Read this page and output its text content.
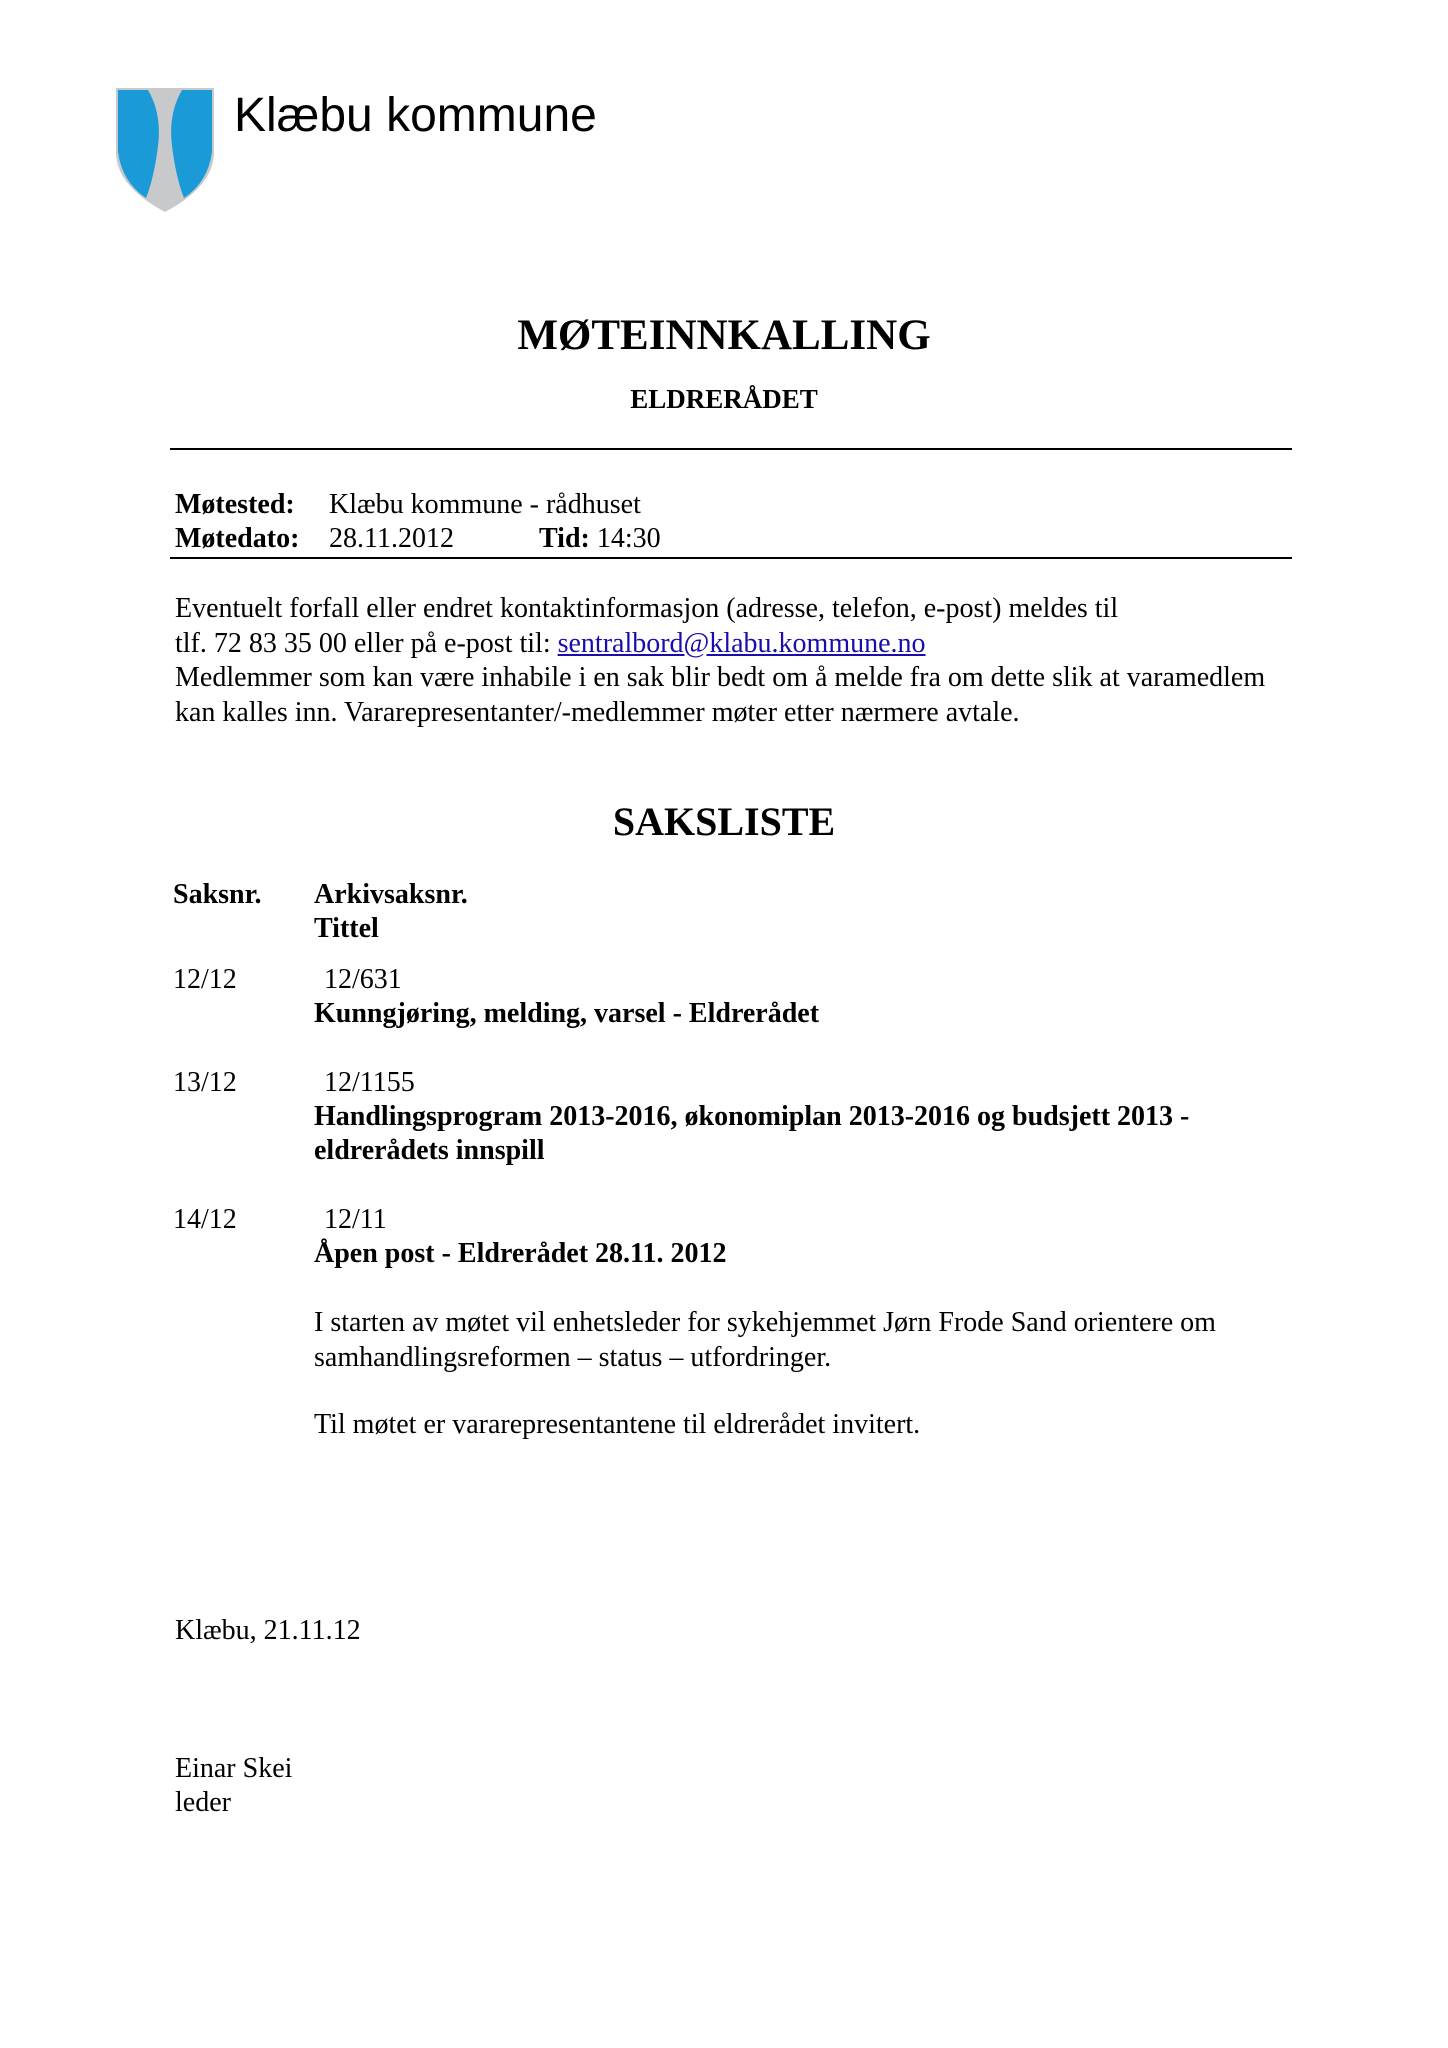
Klæbu kommune
MØTEINNKALLING
ELDRERÅDET
Møtested: Klæbu kommune - rådhuset
Møtedato: 28.11.2012	Tid: 14:30

Eventuelt forfall eller endret kontaktinformasjon (adresse, telefon, e-post) meldes til

tlf. 72 83 35 00 eller på e-post til: sentralbord@klabu.kommune.no

Medlemmer som kan være inhabile i en sak blir bedt om å melde fra om dette slik at varamedlem kan kalles inn. Vararepresentanter/-medlemmer møter etter nærmere avtale.

SAKSLISTE
Saksnr. Arkivsaksnr.
Tittel
12/12	12/631
Kunngjøring, melding, varsel - Eldrerådet
13/12	12/1155
Handlingsprogram 2013-2016, økonomiplan 2013-2016 og budsjett 2013 - eldrerådets innspill
14/12	12/11
Åpen post - Eldrerådet 28.11. 2012
I starten av møtet vil enhetsleder for sykehjemmet Jørn Frode Sand orientere om samhandlingsreformen – status – utfordringer.
Til møtet er vararepresentantene til eldrerådet invitert.
Klæbu, 21.11.12
Einar Skei
leder
